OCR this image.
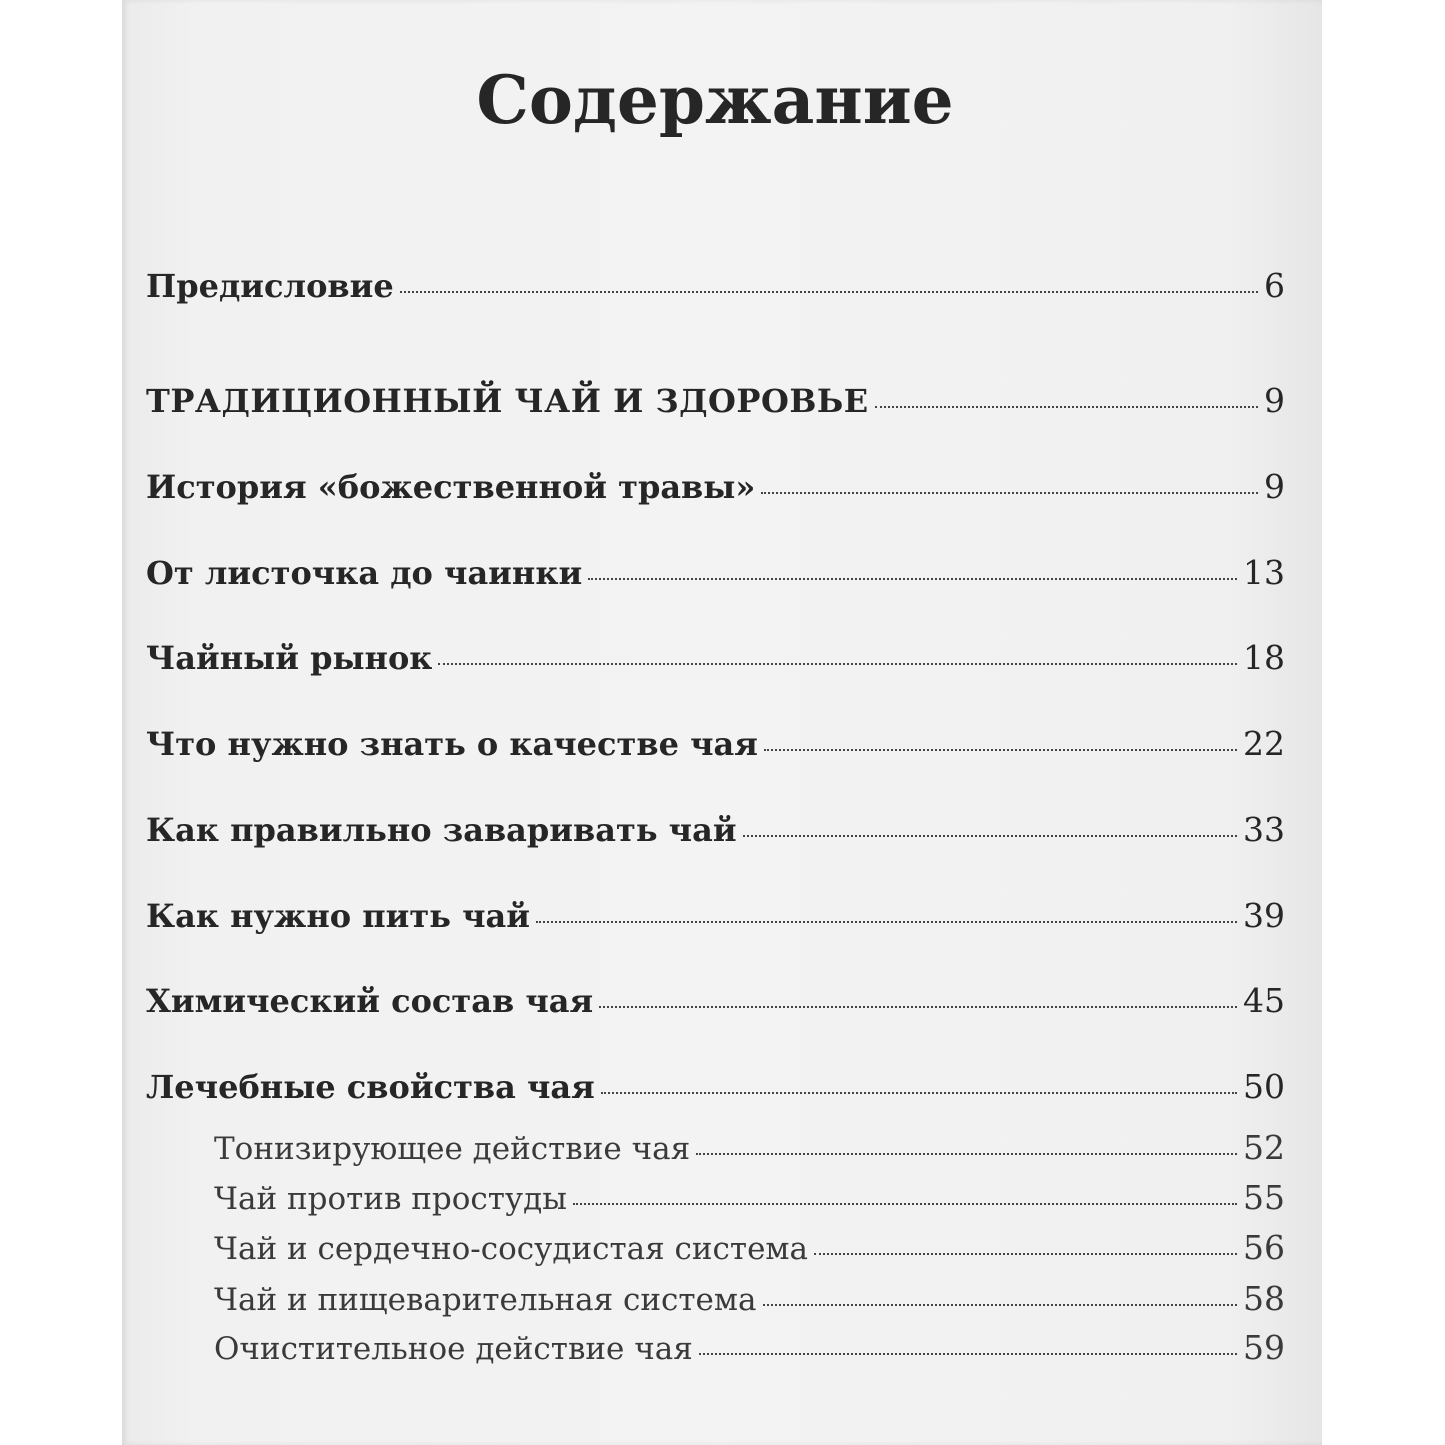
Содержание
Предисловие	6
ТРАДИЦИОННЫЙ ЧАЙ И ЗДОРОВЬЕ	9
История «божественной травы»	9
От листочка до чаинки	13
Чайный рынок	18
Что нужно знать о качестве чая	22
Как правильно заваривать чай	33
Как нужно пить чай	39
Химический состав чая	45
Лечебные свойства чая	50
Тонизирующее действие чая	52
Чай против простуды	55
Чай и сердечно-сосудистая система	56
Чай и пищеварительная система	58
Очистительное действие чая	59
